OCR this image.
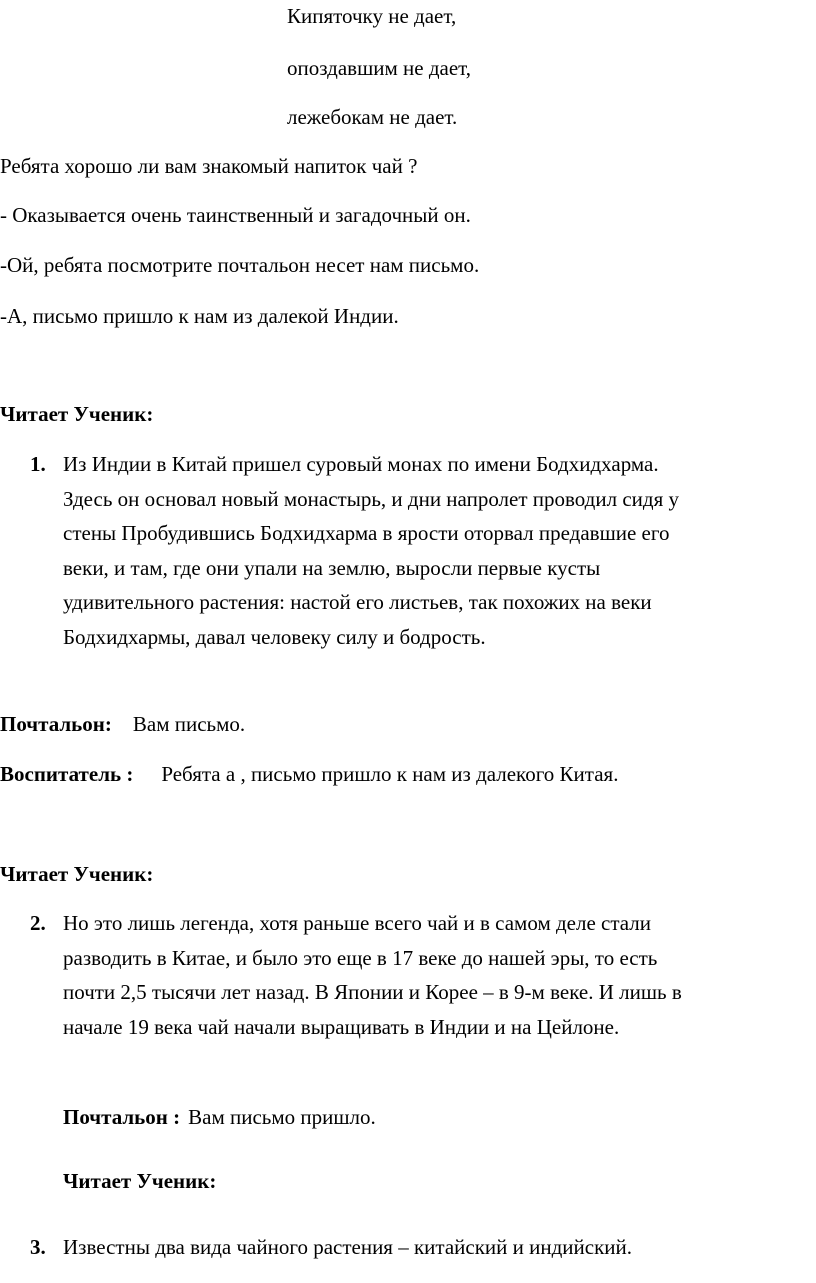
Кипяточку не дает,
опоздавшим не дает,
лежебокам не дает.
Ребята хорошо ли вам знакомый напиток чай ?
- Оказывается очень таинственный и загадочный он.
-Ой, ребята посмотрите почтальон несет нам письмо.
-А, письмо пришло к нам из далекой Индии.
Читает Ученик:
1. Из Индии в Китай пришел суровый монах по имени Бодхидхарма.
Здесь он основал новый монастырь, и дни напролет проводил сидя у
стены Пробудившись Бодхидхарма в ярости оторвал предавшие его
веки, и там, где они упали на землю, выросли первые кусты
удивительного растения: настой его листьев, так похожих на веки
Бодхидхармы, давал человеку силу и бодрость.
Почтальон: Вам письмо.
Воспитатель : Ребята а , письмо пришло к нам из далекого Китая.
Читает Ученик:
2. Но это лишь легенда, хотя раньше всего чай и в самом деле стали
разводить в Китае, и было это еще в 17 веке до нашей эры, то есть
почти 2,5 тысячи лет назад. В Японии и Корее – в 9-м веке. И лишь в
начале 19 века чай начали выращивать в Индии и на Цейлоне.
Почтальон : Вам письмо пришло.
Читает Ученик:
3. Известны два вида чайного растения – китайский и индийский.
